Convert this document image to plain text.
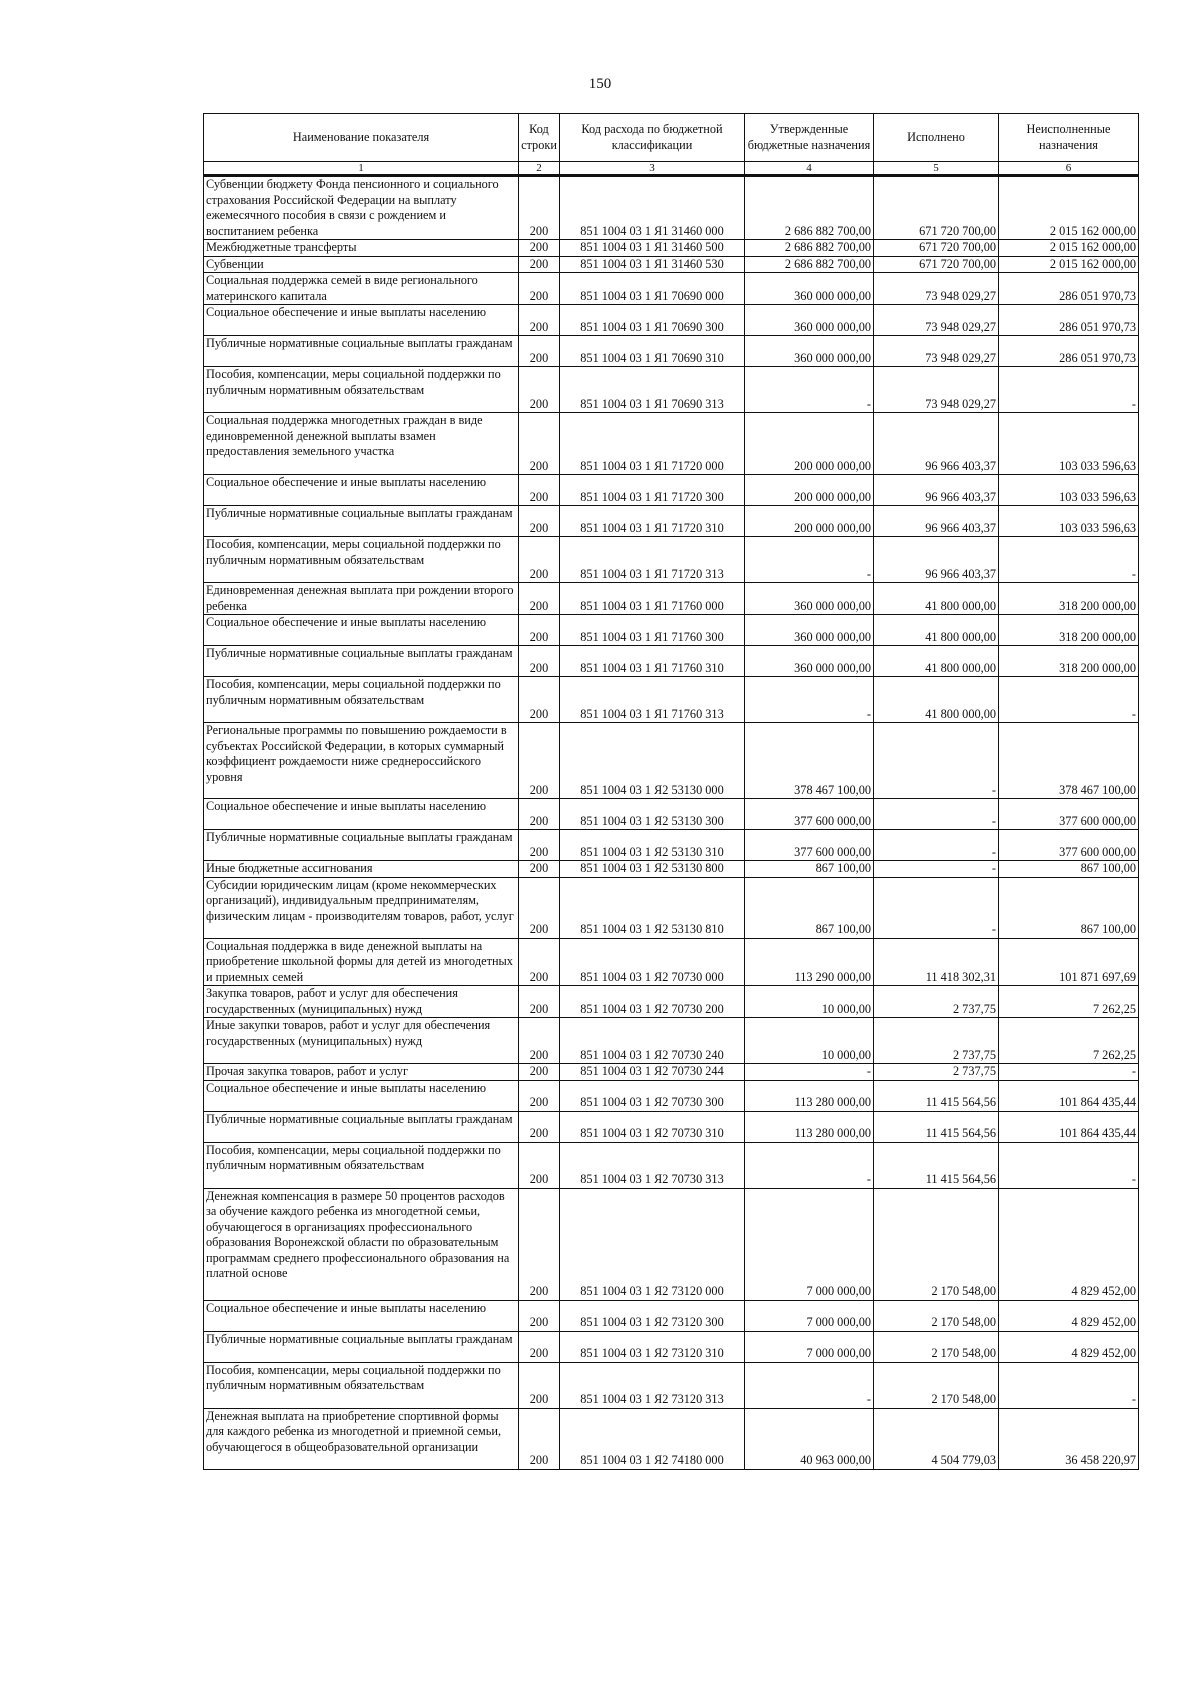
150
Наименование показателя	Код строки	Код расхода по бюджетной классификации	Утвержденные бюджетные назначения	Исполнено	Неисполненные назначения
1	2	3	4	5	6
Субвенции бюджету Фонда пенсионного и социального страхования Российской Федерации на выплату ежемесячного пособия в связи с рождением и воспитанием ребенка	200	851 1004 03 1 Я1 31460 000	2 686 882 700,00	671 720 700,00	2 015 162 000,00
Межбюджетные трансферты	200	851 1004 03 1 Я1 31460 500	2 686 882 700,00	671 720 700,00	2 015 162 000,00
Субвенции	200	851 1004 03 1 Я1 31460 530	2 686 882 700,00	671 720 700,00	2 015 162 000,00
Социальная поддержка семей в виде регионального материнского капитала	200	851 1004 03 1 Я1 70690 000	360 000 000,00	73 948 029,27	286 051 970,73
Социальное обеспечение и иные выплаты населению	200	851 1004 03 1 Я1 70690 300	360 000 000,00	73 948 029,27	286 051 970,73
Публичные нормативные социальные выплаты гражданам	200	851 1004 03 1 Я1 70690 310	360 000 000,00	73 948 029,27	286 051 970,73
Пособия, компенсации, меры социальной поддержки по публичным нормативным обязательствам	200	851 1004 03 1 Я1 70690 313	-	73 948 029,27	-
Социальная поддержка многодетных граждан в виде единовременной денежной выплаты взамен предоставления земельного участка	200	851 1004 03 1 Я1 71720 000	200 000 000,00	96 966 403,37	103 033 596,63
Социальное обеспечение и иные выплаты населению	200	851 1004 03 1 Я1 71720 300	200 000 000,00	96 966 403,37	103 033 596,63
Публичные нормативные социальные выплаты гражданам	200	851 1004 03 1 Я1 71720 310	200 000 000,00	96 966 403,37	103 033 596,63
Пособия, компенсации, меры социальной поддержки по публичным нормативным обязательствам	200	851 1004 03 1 Я1 71720 313	-	96 966 403,37	-
Единовременная денежная выплата при рождении второго ребенка	200	851 1004 03 1 Я1 71760 000	360 000 000,00	41 800 000,00	318 200 000,00
Социальное обеспечение и иные выплаты населению	200	851 1004 03 1 Я1 71760 300	360 000 000,00	41 800 000,00	318 200 000,00
Публичные нормативные социальные выплаты гражданам	200	851 1004 03 1 Я1 71760 310	360 000 000,00	41 800 000,00	318 200 000,00
Пособия, компенсации, меры социальной поддержки по публичным нормативным обязательствам	200	851 1004 03 1 Я1 71760 313	-	41 800 000,00	-
Региональные программы по повышению рождаемости в субъектах Российской Федерации, в которых суммарный коэффициент рождаемости ниже среднероссийского уровня	200	851 1004 03 1 Я2 53130 000	378 467 100,00	-	378 467 100,00
Социальное обеспечение и иные выплаты населению	200	851 1004 03 1 Я2 53130 300	377 600 000,00	-	377 600 000,00
Публичные нормативные социальные выплаты гражданам	200	851 1004 03 1 Я2 53130 310	377 600 000,00	-	377 600 000,00
Иные бюджетные ассигнования	200	851 1004 03 1 Я2 53130 800	867 100,00	-	867 100,00
Субсидии юридическим лицам (кроме некоммерческих организаций), индивидуальным предпринимателям, физическим лицам - производителям товаров, работ, услуг	200	851 1004 03 1 Я2 53130 810	867 100,00	-	867 100,00
Социальная поддержка в виде денежной выплаты на приобретение школьной формы для детей из многодетных и приемных семей	200	851 1004 03 1 Я2 70730 000	113 290 000,00	11 418 302,31	101 871 697,69
Закупка товаров, работ и услуг для обеспечения государственных (муниципальных) нужд	200	851 1004 03 1 Я2 70730 200	10 000,00	2 737,75	7 262,25
Иные закупки товаров, работ и услуг для обеспечения государственных (муниципальных) нужд	200	851 1004 03 1 Я2 70730 240	10 000,00	2 737,75	7 262,25
Прочая закупка товаров, работ и услуг	200	851 1004 03 1 Я2 70730 244	-	2 737,75	-
Социальное обеспечение и иные выплаты населению	200	851 1004 03 1 Я2 70730 300	113 280 000,00	11 415 564,56	101 864 435,44
Публичные нормативные социальные выплаты гражданам	200	851 1004 03 1 Я2 70730 310	113 280 000,00	11 415 564,56	101 864 435,44
Пособия, компенсации, меры социальной поддержки по публичным нормативным обязательствам	200	851 1004 03 1 Я2 70730 313	-	11 415 564,56	-
Денежная компенсация в размере 50 процентов расходов за обучение каждого ребенка из многодетной семьи, обучающегося в организациях профессионального образования Воронежской области по образовательным программам среднего профессионального образования на платной основе	200	851 1004 03 1 Я2 73120 000	7 000 000,00	2 170 548,00	4 829 452,00
Социальное обеспечение и иные выплаты населению	200	851 1004 03 1 Я2 73120 300	7 000 000,00	2 170 548,00	4 829 452,00
Публичные нормативные социальные выплаты гражданам	200	851 1004 03 1 Я2 73120 310	7 000 000,00	2 170 548,00	4 829 452,00
Пособия, компенсации, меры социальной поддержки по публичным нормативным обязательствам	200	851 1004 03 1 Я2 73120 313	-	2 170 548,00	-
Денежная выплата на приобретение спортивной формы для каждого ребенка из многодетной и приемной семьи, обучающегося в общеобразовательной организации	200	851 1004 03 1 Я2 74180 000	40 963 000,00	4 504 779,03	36 458 220,97
